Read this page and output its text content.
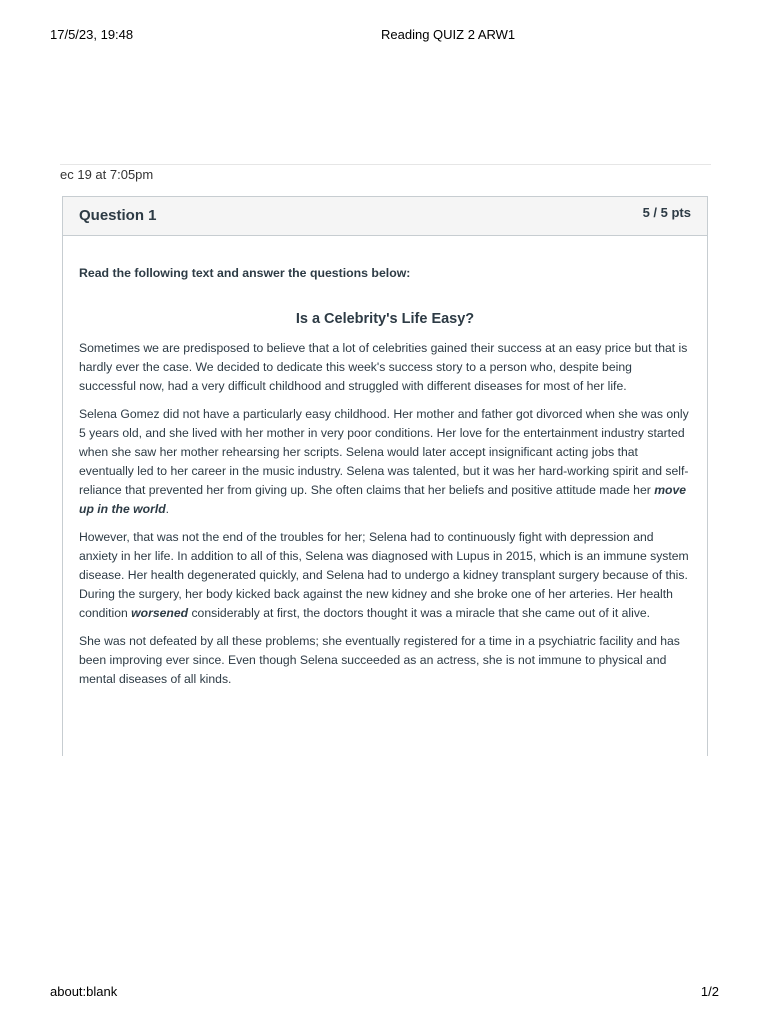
17/5/23, 19:48	Reading QUIZ 2 ARW1
ec 19 at 7:05pm
Question 1	5 / 5 pts

Read the following text and answer the questions below:

Is a Celebrity's Life Easy?

Sometimes we are predisposed to believe that a lot of celebrities gained their success at an easy price but that is hardly ever the case. We decided to dedicate this week's success story to a person who, despite being successful now, had a very difficult childhood and struggled with different diseases for most of her life.

Selena Gomez did not have a particularly easy childhood. Her mother and father got divorced when she was only 5 years old, and she lived with her mother in very poor conditions. Her love for the entertainment industry started when she saw her mother rehearsing her scripts. Selena would later accept insignificant acting jobs that eventually led to her career in the music industry. Selena was talented, but it was her hard-working spirit and self-reliance that prevented her from giving up. She often claims that her beliefs and positive attitude made her move up in the world.

However, that was not the end of the troubles for her; Selena had to continuously fight with depression and anxiety in her life. In addition to all of this, Selena was diagnosed with Lupus in 2015, which is an immune system disease. Her health degenerated quickly, and Selena had to undergo a kidney transplant surgery because of this. During the surgery, her body kicked back against the new kidney and she broke one of her arteries. Her health condition worsened considerably at first, the doctors thought it was a miracle that she came out of it alive.

She was not defeated by all these problems; she eventually registered for a time in a psychiatric facility and has been improving ever since. Even though Selena succeeded as an actress, she is not immune to physical and mental diseases of all kinds.

about:blank	1/2
